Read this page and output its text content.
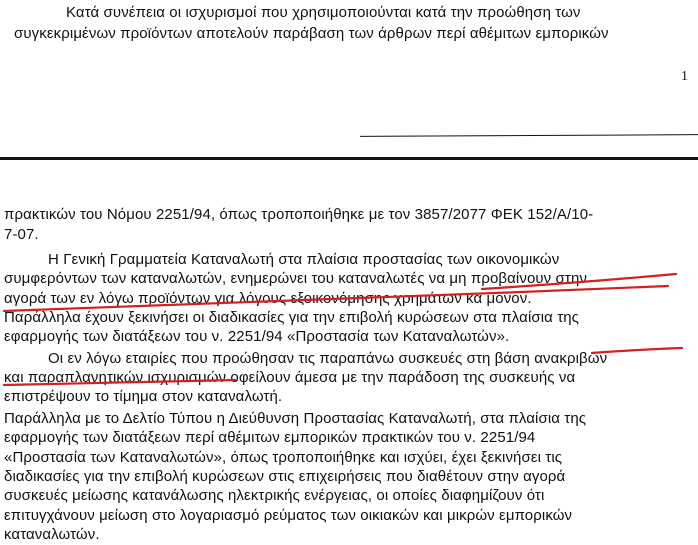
Κατά συνέπεια οι ισχυρισμοί που χρησιμοποιούνται κατά την προώθηση των
συγκεκριμένων προϊόντων αποτελούν παράβαση των άρθρων περί αθέμιτων εμπορικών
1
πρακτικών του Νόμου 2251/94, όπως τροποποιήθηκε με τον 3857/2077 ΦΕΚ 152/Α/10-
7-07.
Η Γενική Γραμματεία Καταναλωτή στα πλαίσια προστασίας των οικονομικών
συμφερόντων των καταναλωτών, ενημερώνει του καταναλωτές να μη προβαίνουν στην
αγορά των εν λόγω προϊόντων για λόγους εξοικονόμησης χρημάτων κα μόνον.
Παράλληλα έχουν ξεκινήσει οι διαδικασίες για την επιβολή κυρώσεων στα πλαίσια της
εφαρμογής των διατάξεων του ν. 2251/94 «Προστασία των Καταναλωτών».
Οι εν λόγω εταιρίες που προώθησαν τις παραπάνω συσκευές στη βάση ανακριβών
και παραπλανητικών ισχυρισμών οφείλουν άμεσα με την παράδοση της συσκευής να
επιστρέψουν το τίμημα στον καταναλωτή.
Παράλληλα με το Δελτίο Τύπου η Διεύθυνση Προστασίας Καταναλωτή, στα πλαίσια της
εφαρμογής των διατάξεων περί αθέμιτων εμπορικών πρακτικών του ν. 2251/94
«Προστασία των Καταναλωτών», όπως τροποποιήθηκε και ισχύει, έχει ξεκινήσει τις
διαδικασίες για την επιβολή κυρώσεων στις επιχειρήσεις που διαθέτουν στην αγορά
συσκευές μείωσης κατανάλωσης ηλεκτρικής ενέργειας, οι οποίες διαφημίζουν ότι
επιτυγχάνουν μείωση στο λογαριασμό ρεύματος των οικιακών και μικρών εμπορικών
καταναλωτών.
